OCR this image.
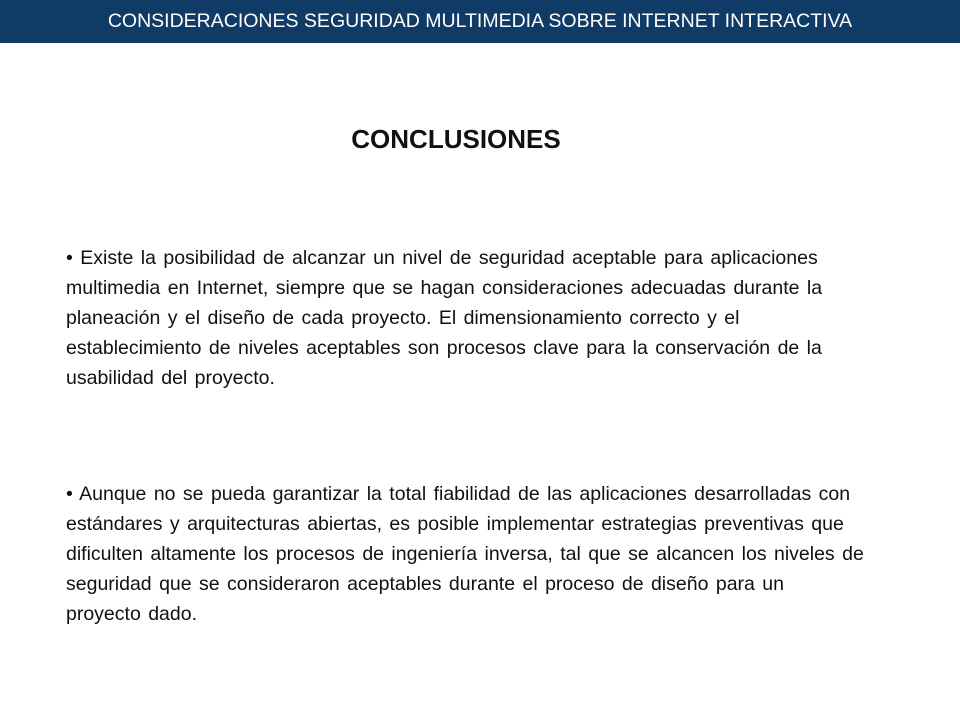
CONSIDERACIONES SEGURIDAD MULTIMEDIA SOBRE INTERNET INTERACTIVA
CONCLUSIONES

• Existe la posibilidad de alcanzar un nivel de seguridad aceptable para aplicaciones multimedia en Internet, siempre que se hagan consideraciones adecuadas durante la planeación y el diseño de cada proyecto. El dimensionamiento correcto y el establecimiento de niveles aceptables son procesos clave para la conservación de la usabilidad del proyecto.

• Aunque no se pueda garantizar la total fiabilidad de las aplicaciones desarrolladas con estándares y arquitecturas abiertas, es posible implementar estrategias preventivas que dificulten altamente los procesos de ingeniería inversa, tal que se alcancen los niveles de seguridad que se consideraron aceptables durante el proceso de diseño para un proyecto dado.
